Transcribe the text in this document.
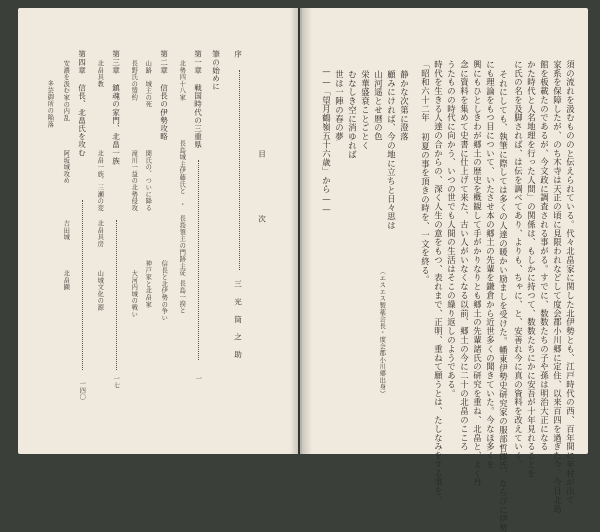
須の流れを汲むもののと伝えられている。代々北畠家に関した北伊勢とも、江戸時代の西、百年間に年村が出て
家系を保障したが、のち木寺は天正の頃に見限われなどして度会郡小川郷に定住、以来百四を過ぎた今、今日北島
館を板載たのであるが、今文政に調査される事がる。すでに、数数たちの子や孫は明治大正になる
かた時代と人名地理を行った人間」の関係は、もしかに持つて、数数たちにかに安吾が十年見れることを
に氏の名を及脚されば、は伝を調べてあり、よりも、ちゃに、と、安善れ今に真の資料を改えていく、
それにしても、執筆に際しては多くの人達の暖かい励ましを受けた。幡東伊勢史研究家の服部哲郎氏、ならびに伊勢
にも理論をもつ目について、いたさせ本の郷土の先輩を鎌倉から近世多くの聞きていた。今なほ多くを
興にもひとしきわが郷土の歴史を概観して手がかりなりとも郷土の先輩諸氏の研究を重ね、北畠と、よく丹
念に資料を集めて史書に仕上げて来た、古い人がいなくなる以前、郷土の今に二十の北畠のこころ
うたものの時代に向かう、いつの世でも人間の生活はそこの繰り返しのようである。
時代を生きる人達の合からの、深く人生の意をもつ、表れまで、正明、重ねて願うとは、たしなみをする事を。
「昭和六十二年 初夏の事を頂きの時を、一文を終る。
静かな次第に澄落
顧みにければ、今の地に立ちと日々思は
山河遥とせ暦の色
栄華盛衰ことごとく
むなしき空に消ゆれば
世は一陣の春の夢
——「望月鶴嶺五十六歳」から——
（エスエス製薬会長・度会郡小川郷出身）
目 次
序
三 光 筒 之 助
筆の始めに
第一章 戦国時代の三重県
一
北勢四十八家
長島城主伊藤氏と　・　長島領主の門跡主従
第二章 信長の伊勢攻略
山路　城主の死
関氏の、ついに降る
神戸家と北畠家
長野氏の盟約
滝川一益の北勢侵攻
第三章 鎮魂の家門、北畠一族
一七
北畠具教
北畠一族、三瀬の変
山城文化の源
第四章 信長、北畠氏を攻む
一四〇
安濃を汲む家の内乱
阿坂城攻め
北畠顕	信長と北伊勢の争い
大河内城の戦い	長島一揆と
北畠具房
吉田城
多芸御所の陥落
